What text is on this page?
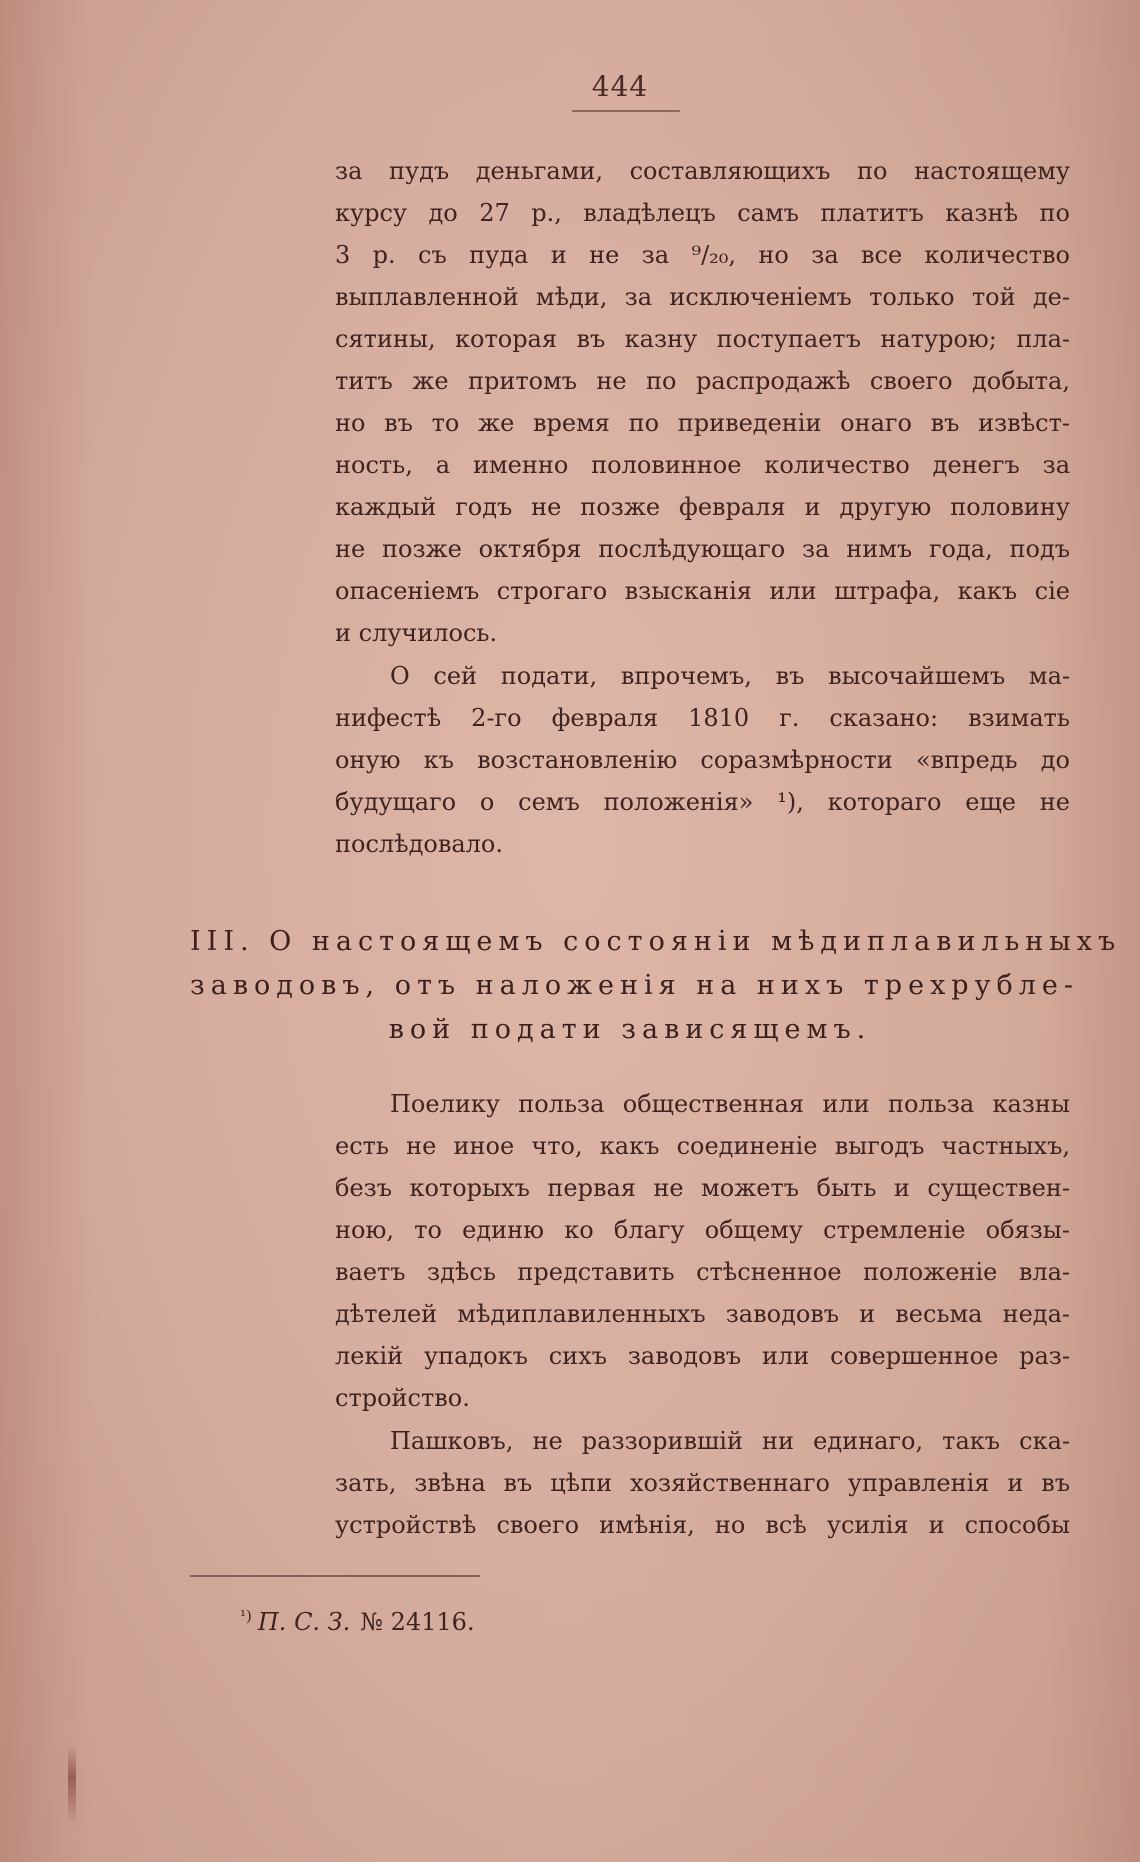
444

за пудъ деньгами, составляющихъ по настоящему

курсу до 27 р., владѣлецъ самъ платитъ казнѣ по

3 р. съ пуда и не за ⁹/₂₀, но за все количество

выплавленной мѣди, за исключеніемъ только той де-

сятины, которая въ казну поступаетъ натурою; пла-

титъ же притомъ не по распродажѣ своего добыта,

но въ то же время по приведеніи онаго въ извѣст-

ность, а именно половинное количество денегъ за

каждый годъ не позже февраля и другую половину

не позже октября послѣдующаго за нимъ года, подъ

опасеніемъ строгаго взысканія или штрафа, какъ сіе

и случилось.

О сей подати, впрочемъ, въ высочайшемъ ма-

нифестѣ 2-го февраля 1810 г. сказано: взимать

оную къ возстановленію соразмѣрности «впредь до

будущаго о семъ положенія» ¹), котораго еще не

послѣдовало.

III. О настоящемъ состояніи мѣдиплавильныхъ
заводовъ, отъ наложенія на нихъ трехрубле-
вой подати зависящемъ.

Поелику польза общественная или польза казны

есть не иное что, какъ соединеніе выгодъ частныхъ,

безъ которыхъ первая не можетъ быть и существен-

ною, то единю ко благу общему стремленіе обязы-

ваетъ здѣсь представить стѣсненное положеніе вла-

дѣтелей мѣдиплавиленныхъ заводовъ и весьма неда-

лекій упадокъ сихъ заводовъ или совершенное раз-

стройство.

Пашковъ, не раззорившій ни единаго, такъ ска-

зать, звѣна въ цѣпи хозяйственнаго управленія и въ

устройствѣ своего имѣнія, но всѣ усилія и способы

$^{^1)}$ П. С. З. № 24116.
